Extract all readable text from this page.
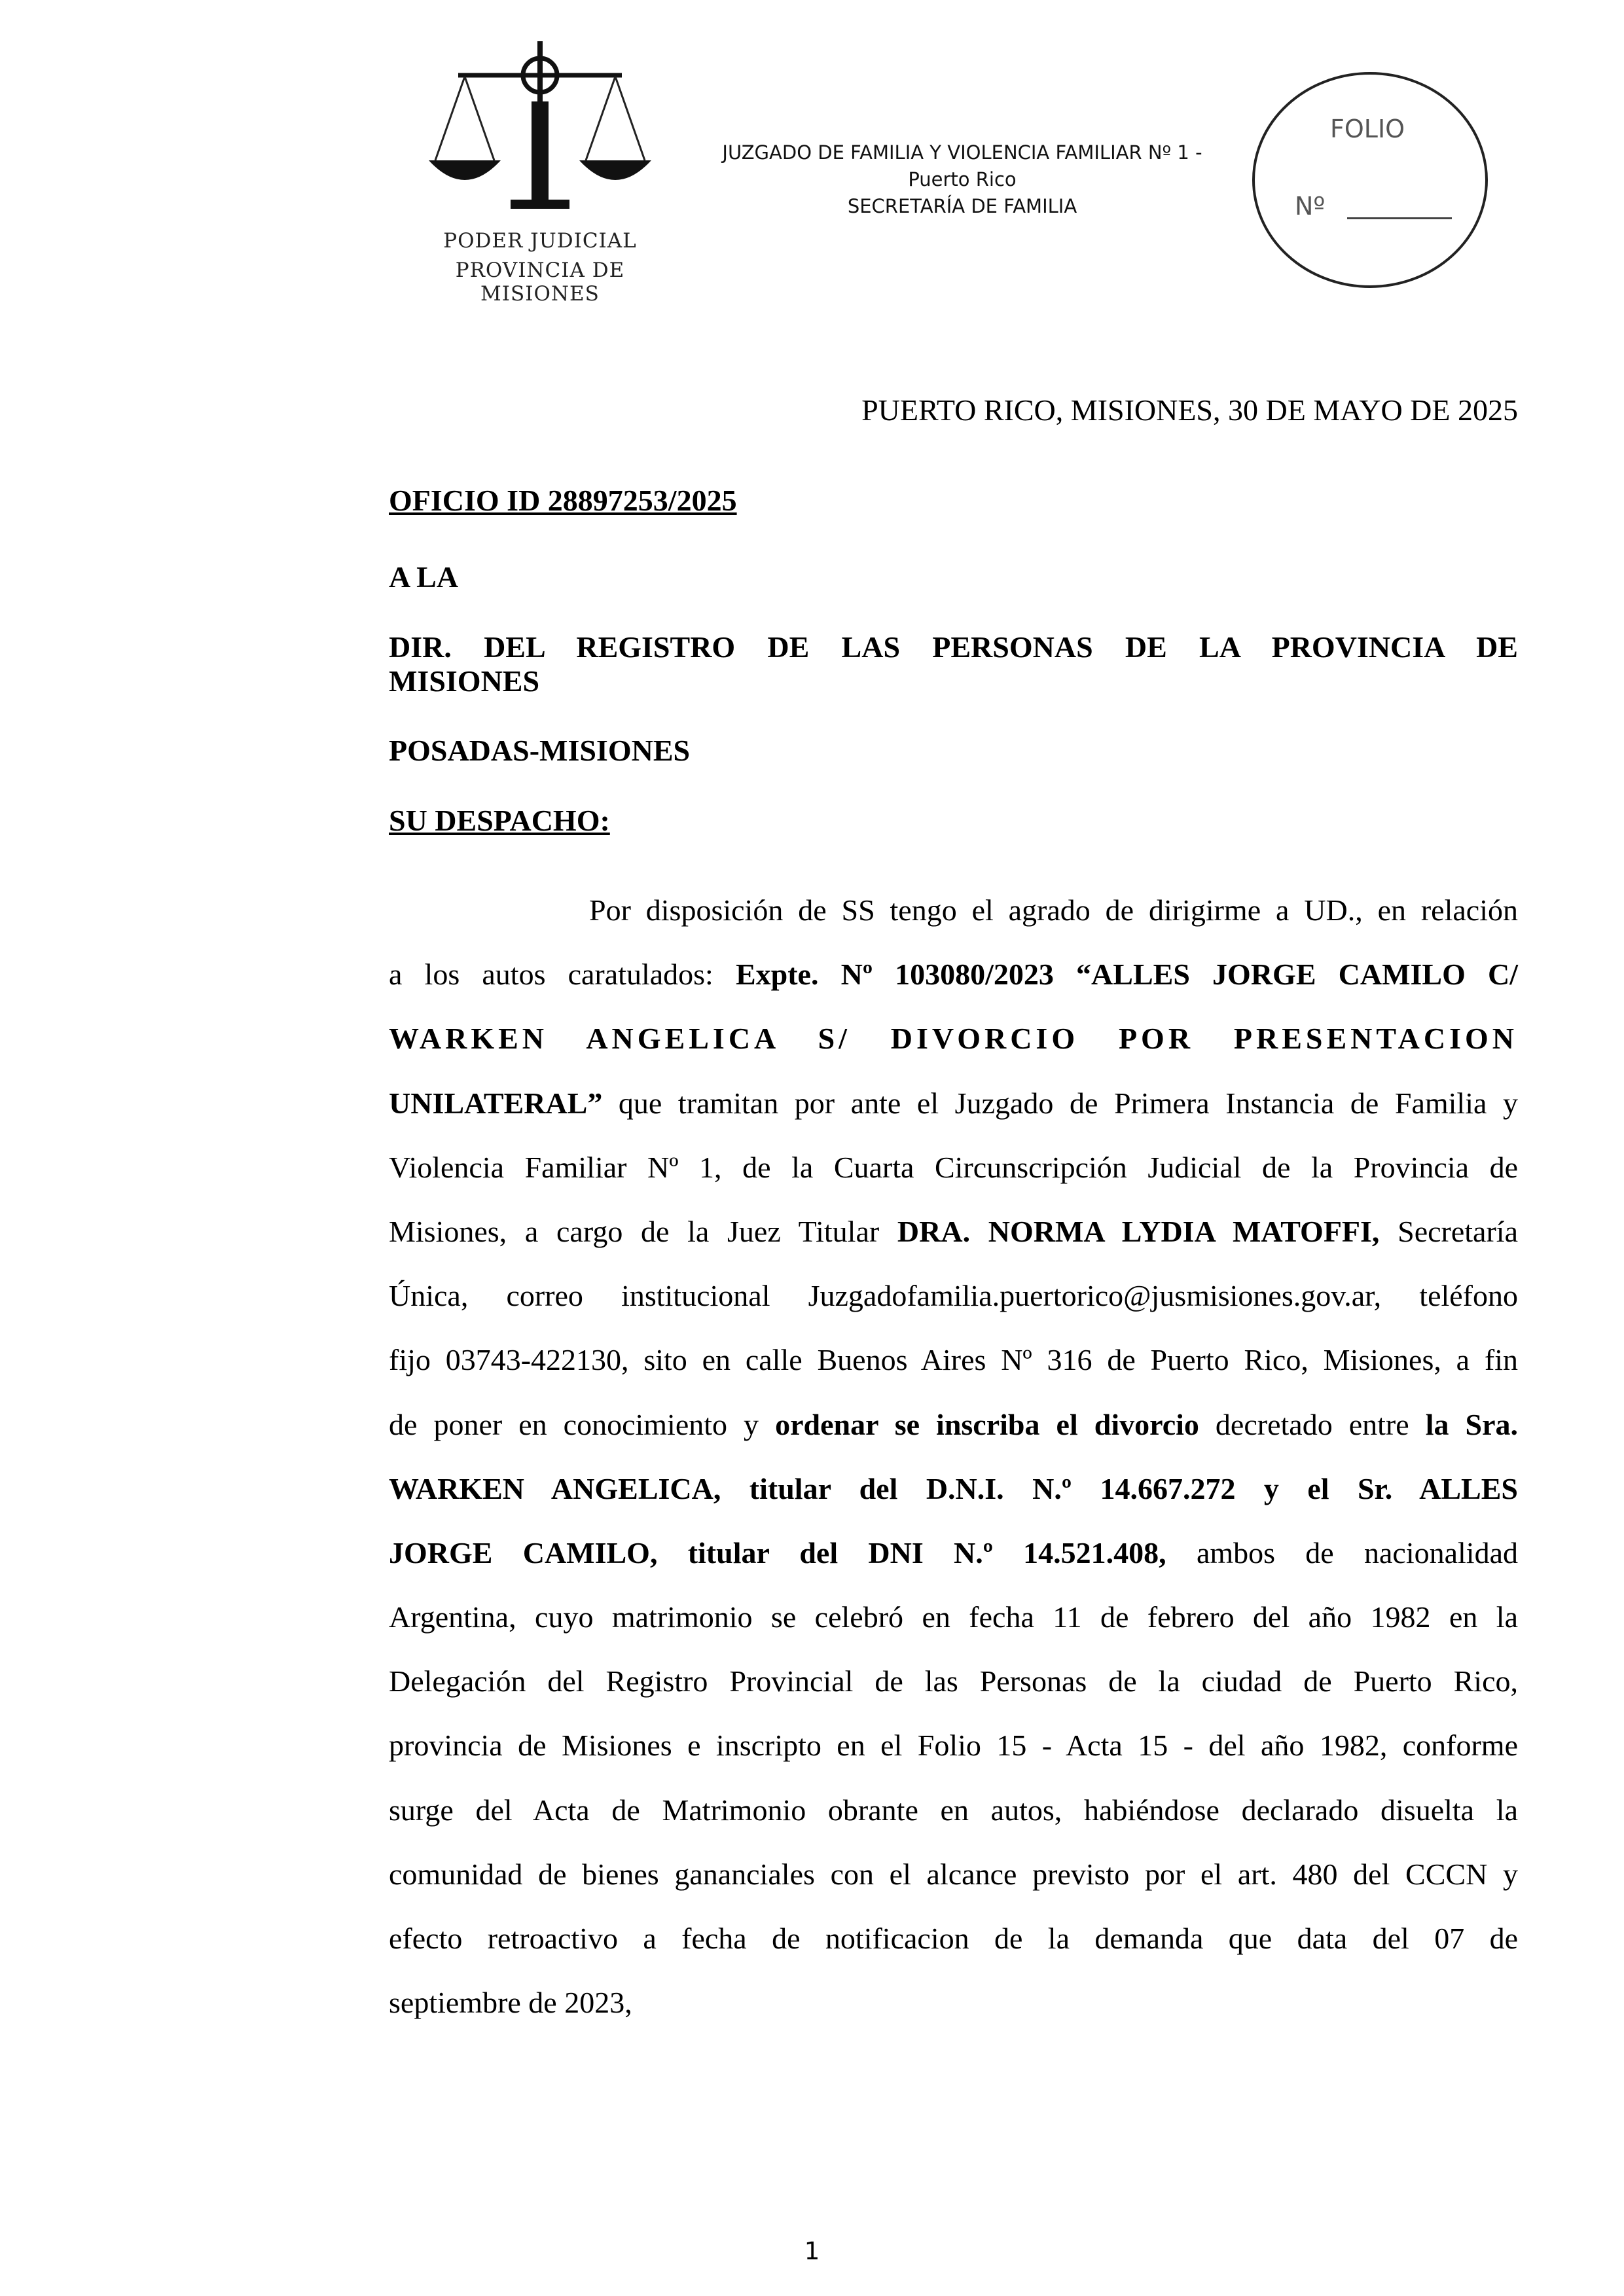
PODER JUDICIAL
PROVINCIA DE MISIONES
JUZGADO DE FAMILIA Y VIOLENCIA FAMILIAR Nº 1 -
Puerto Rico
SECRETARÍA DE FAMILIA
FOLIO
Nº
PUERTO RICO, MISIONES, 30 DE MAYO DE 2025
OFICIO ID 28897253/2025
A LA
DIR. DEL REGISTRO DE LAS PERSONAS DE LA PROVINCIA DE
MISIONES
POSADAS-MISIONES
SU DESPACHO:
Por disposición de SS tengo el agrado de dirigirme a UD., en relación
a los autos caratulados: Expte. Nº 103080/2023 “ALLES JORGE CAMILO C/
WARKEN ANGELICA S/ DIVORCIO POR PRESENTACION
UNILATERAL” que tramitan por ante el Juzgado de Primera Instancia de Familia y
Violencia Familiar Nº 1, de la Cuarta Circunscripción Judicial de la Provincia de
Misiones, a cargo de la Juez Titular DRA. NORMA LYDIA MATOFFI, Secretaría
Única, correo institucional Juzgadofamilia.puertorico@jusmisiones.gov.ar, teléfono
fijo 03743-422130, sito en calle Buenos Aires Nº 316 de Puerto Rico, Misiones, a fin
de poner en conocimiento y ordenar se inscriba el divorcio decretado entre la Sra.
WARKEN ANGELICA, titular del D.N.I. N.º 14.667.272 y el Sr. ALLES
JORGE CAMILO, titular del DNI N.º 14.521.408, ambos de nacionalidad
Argentina, cuyo matrimonio se celebró en fecha 11 de febrero del año 1982 en la
Delegación del Registro Provincial de las Personas de la ciudad de Puerto Rico,
provincia de Misiones e inscripto en el Folio 15 - Acta 15 - del año 1982, conforme
surge del Acta de Matrimonio obrante en autos, habiéndose declarado disuelta la
comunidad de bienes gananciales con el alcance previsto por el art. 480 del CCCN y
efecto retroactivo a fecha de notificacion de la demanda que data del 07 de
septiembre de 2023,
1
